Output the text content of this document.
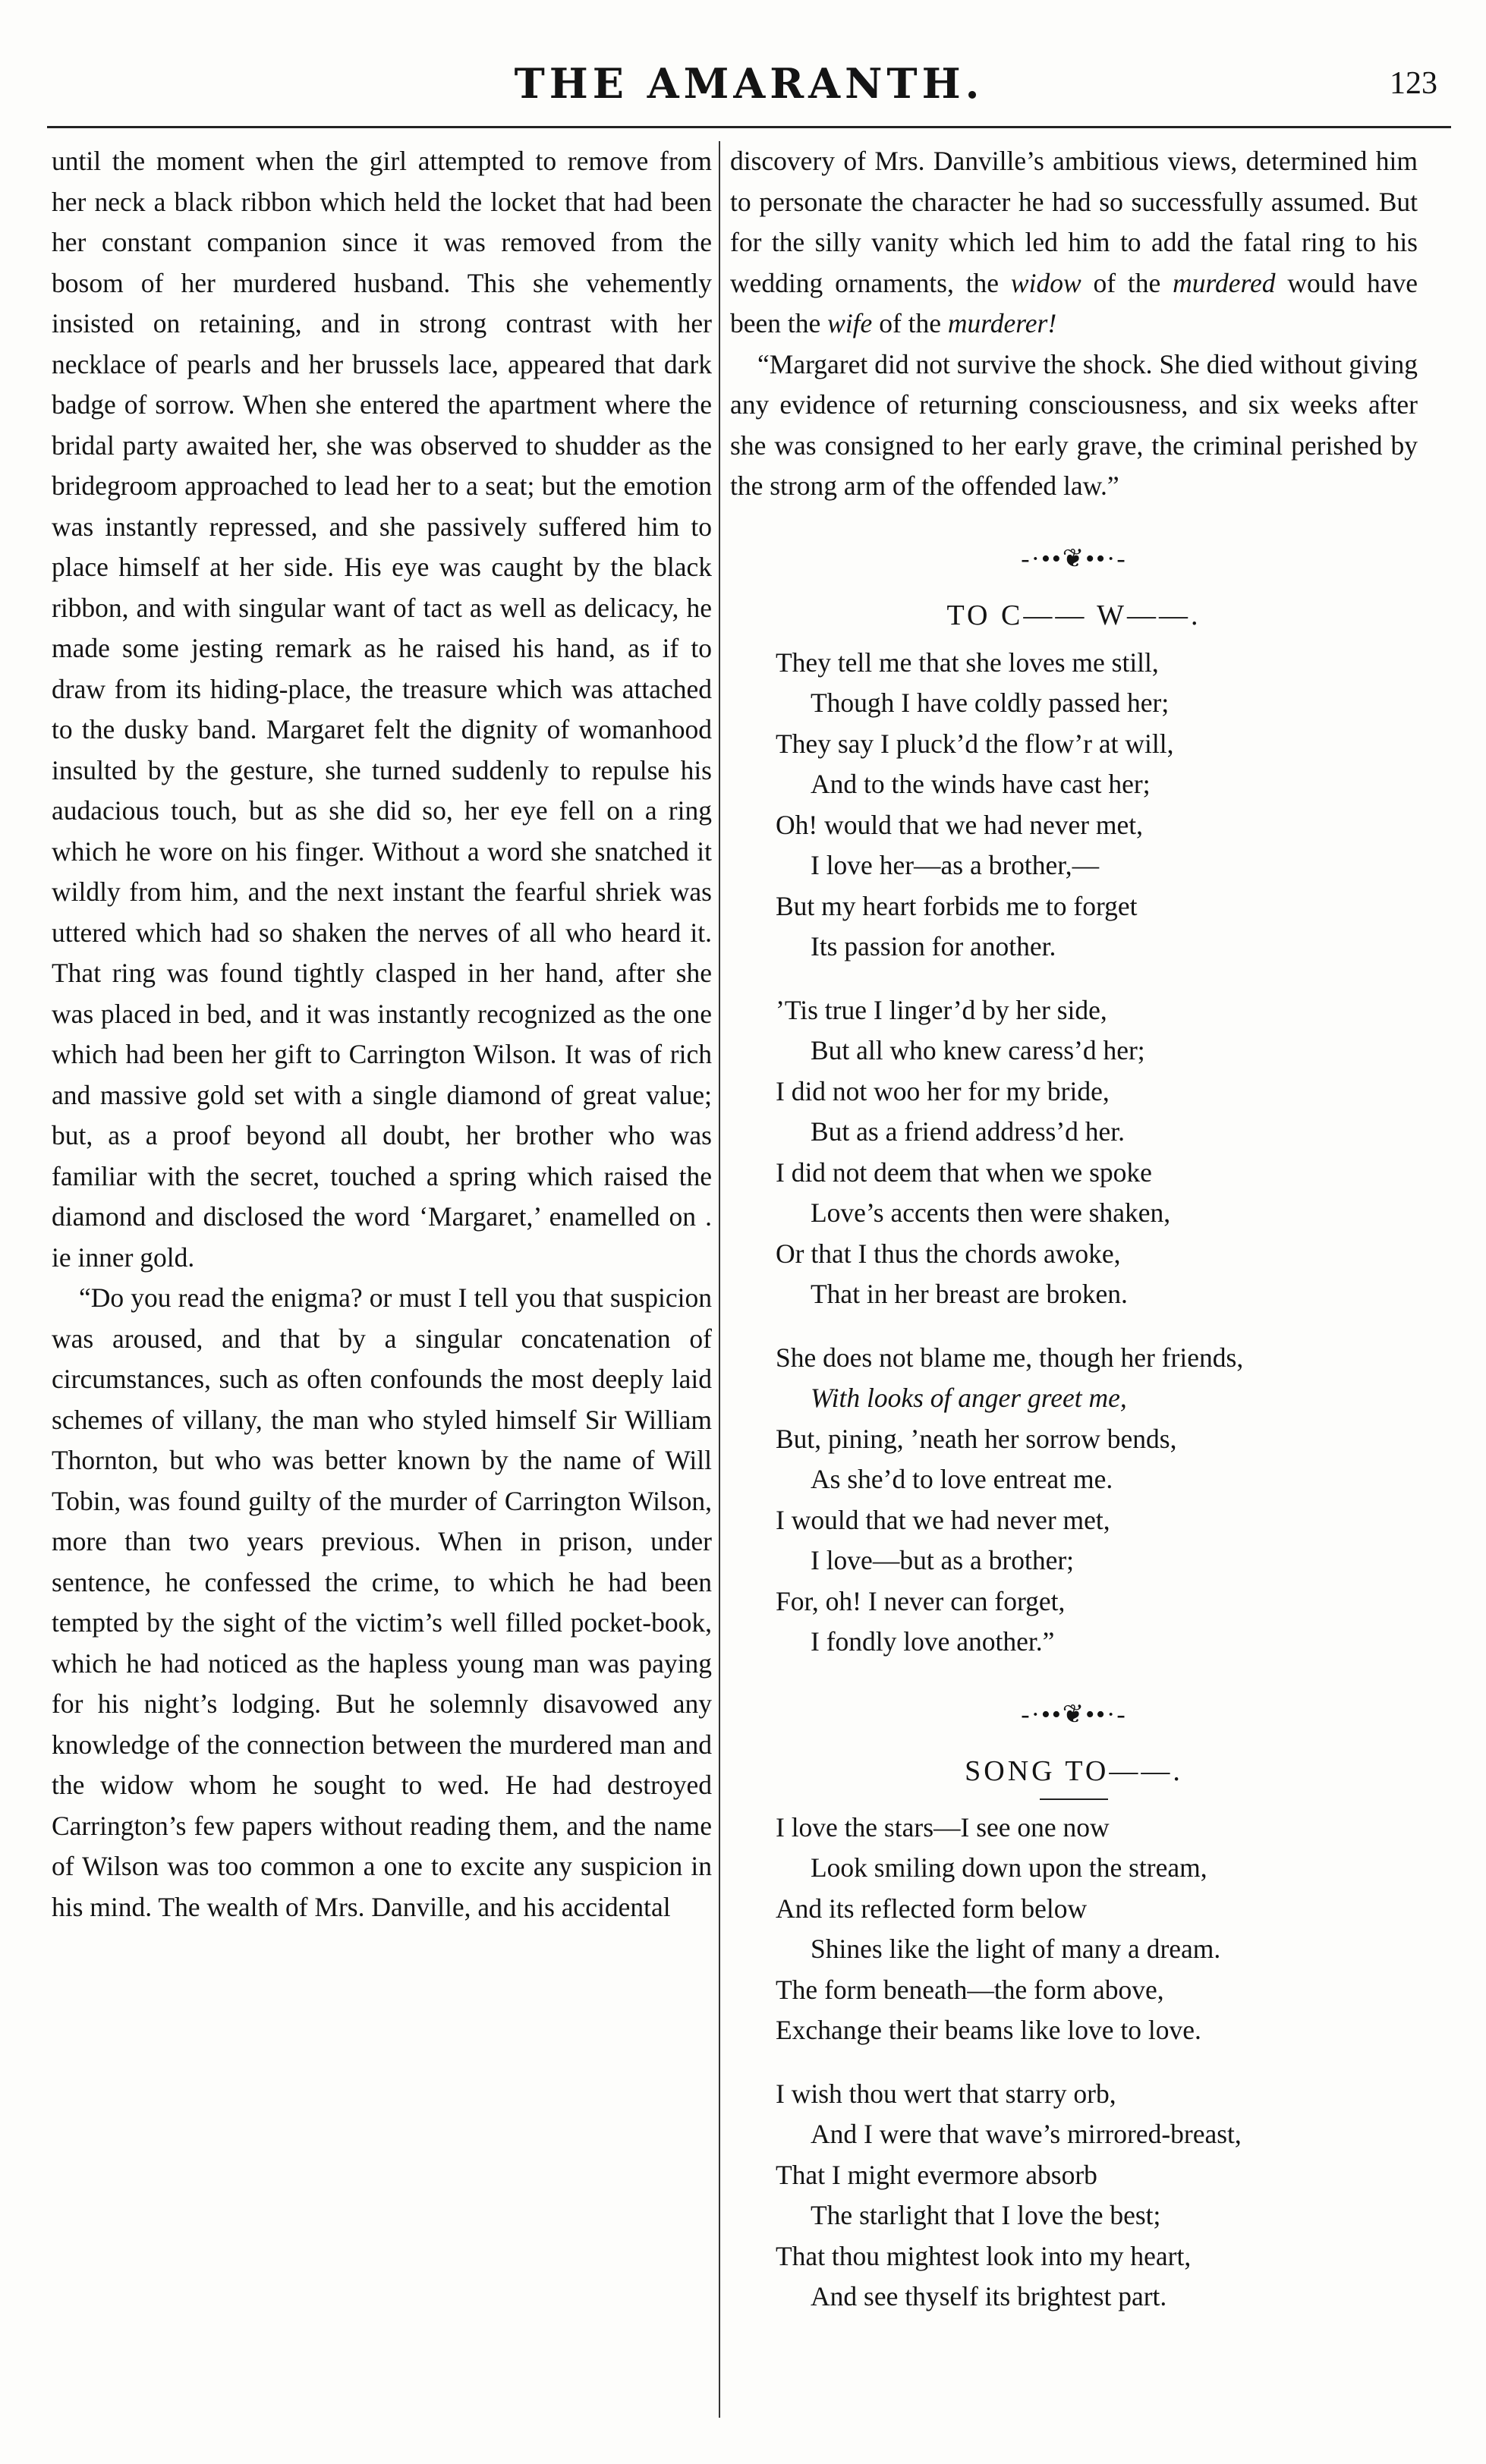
THE AMARANTH.	123

until the moment when the girl attempted to remove from her neck a black ribbon which held the locket that had been her constant companion since it was removed from the bosom of her murdered husband. This she vehemently insisted on retaining, and in strong contrast with her necklace of pearls and her brussels lace, appeared that dark badge of sorrow. When she entered the apartment where the bridal party awaited her, she was observed to shudder as the bridegroom approached to lead her to a seat; but the emotion was instantly repressed, and she passively suffered him to place himself at her side. His eye was caught by the black ribbon, and with singular want of tact as well as delicacy, he made some jesting remark as he raised his hand, as if to draw from its hiding-place, the treasure which was attached to the dusky band. Margaret felt the dignity of womanhood insulted by the gesture, she turned suddenly to repulse his audacious touch, but as she did so, her eye fell on a ring which he wore on his finger. Without a word she snatched it wildly from him, and the next instant the fearful shriek was uttered which had so shaken the nerves of all who heard it. That ring was found tightly clasped in her hand, after she was placed in bed, and it was instantly recognized as the one which had been her gift to Carrington Wilson. It was of rich and massive gold set with a single diamond of great value; but, as a proof beyond all doubt, her brother who was familiar with the secret, touched a spring which raised the diamond and disclosed the word ‘Margaret,’ enamelled on . ie inner gold.

“Do you read the enigma? or must I tell you that suspicion was aroused, and that by a singular concatenation of circumstances, such as often confounds the most deeply laid schemes of villany, the man who styled himself Sir William Thornton, but who was better known by the name of Will Tobin, was found guilty of the murder of Carrington Wilson, more than two years previous. When in prison, under sentence, he confessed the crime, to which he had been tempted by the sight of the victim’s well filled pocket-book, which he had noticed as the hapless young man was paying for his night’s lodging. But he solemnly disavowed any knowledge of the connection between the murdered man and the widow whom he sought to wed. He had destroyed Carrington’s few papers without reading them, and the name of Wilson was too common a one to excite any suspicion in his mind. The wealth of Mrs. Danville, and his accidental

discovery of Mrs. Danville’s ambitious views, determined him to personate the character he had so successfully assumed. But for the silly vanity which led him to add the fatal ring to his wedding ornaments, the widow of the murdered would have been the wife of the murderer!

“Margaret did not survive the shock. She died without giving any evidence of returning consciousness, and six weeks after she was consigned to her early grave, the criminal perished by the strong arm of the offended law.”

-·••❦••·-
TO C—— W——.
They tell me that she loves me still,
Though I have coldly passed her;
They say I pluck’d the flow’r at will,
And to the winds have cast her;
Oh! would that we had never met,
I love her—as a brother,—
But my heart forbids me to forget
Its passion for another.
’Tis true I linger’d by her side,
But all who knew caress’d her;
I did not woo her for my bride,
But as a friend address’d her.
I did not deem that when we spoke
Love’s accents then were shaken,
Or that I thus the chords awoke,
That in her breast are broken.
She does not blame me, though her friends,
With looks of anger greet me,
But, pining, ’neath her sorrow bends,
As she’d to love entreat me.
I would that we had never met,
I love—but as a brother;
For, oh! I never can forget,
I fondly love another.”
-·••❦••·-
SONG TO——.
I love the stars—I see one now
Look smiling down upon the stream,
And its reflected form below
Shines like the light of many a dream.
The form beneath—the form above,
Exchange their beams like love to love.
I wish thou wert that starry orb,
And I were that wave’s mirrored-breast,
That I might evermore absorb
The starlight that I love the best;
That thou mightest look into my heart,
And see thyself its brightest part.
